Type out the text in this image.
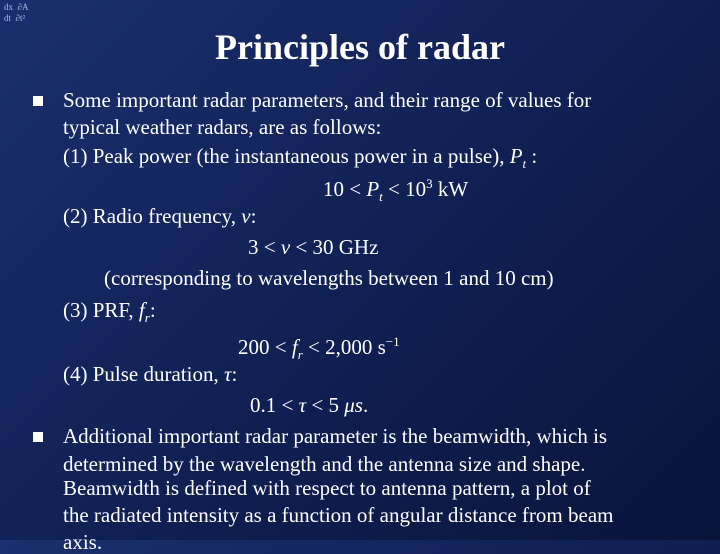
dx  ∂A
dt  ∂t²
Principles of radar
Some important radar parameters, and their range of values for
typical weather radars, are as follows:
(1) Peak power (the instantaneous power in a pulse), $P_t$ :
$10 < P_t < 10^3$ kW
(2) Radio frequency, v:
3 < v < 30 GHz
(corresponding to wavelengths between 1 and 10 cm)
(3) PRF, $f_r$:
$200 < f_r < 2,000$ $s^{-1}$
(4) Pulse duration, τ:
0.1 < τ < 5 μs.
Additional important radar parameter is the beamwidth, which is
determined by the wavelength and the antenna size and shape.
Beamwidth is defined with respect to antenna pattern, a plot of
the radiated intensity as a function of angular distance from beam
axis.
